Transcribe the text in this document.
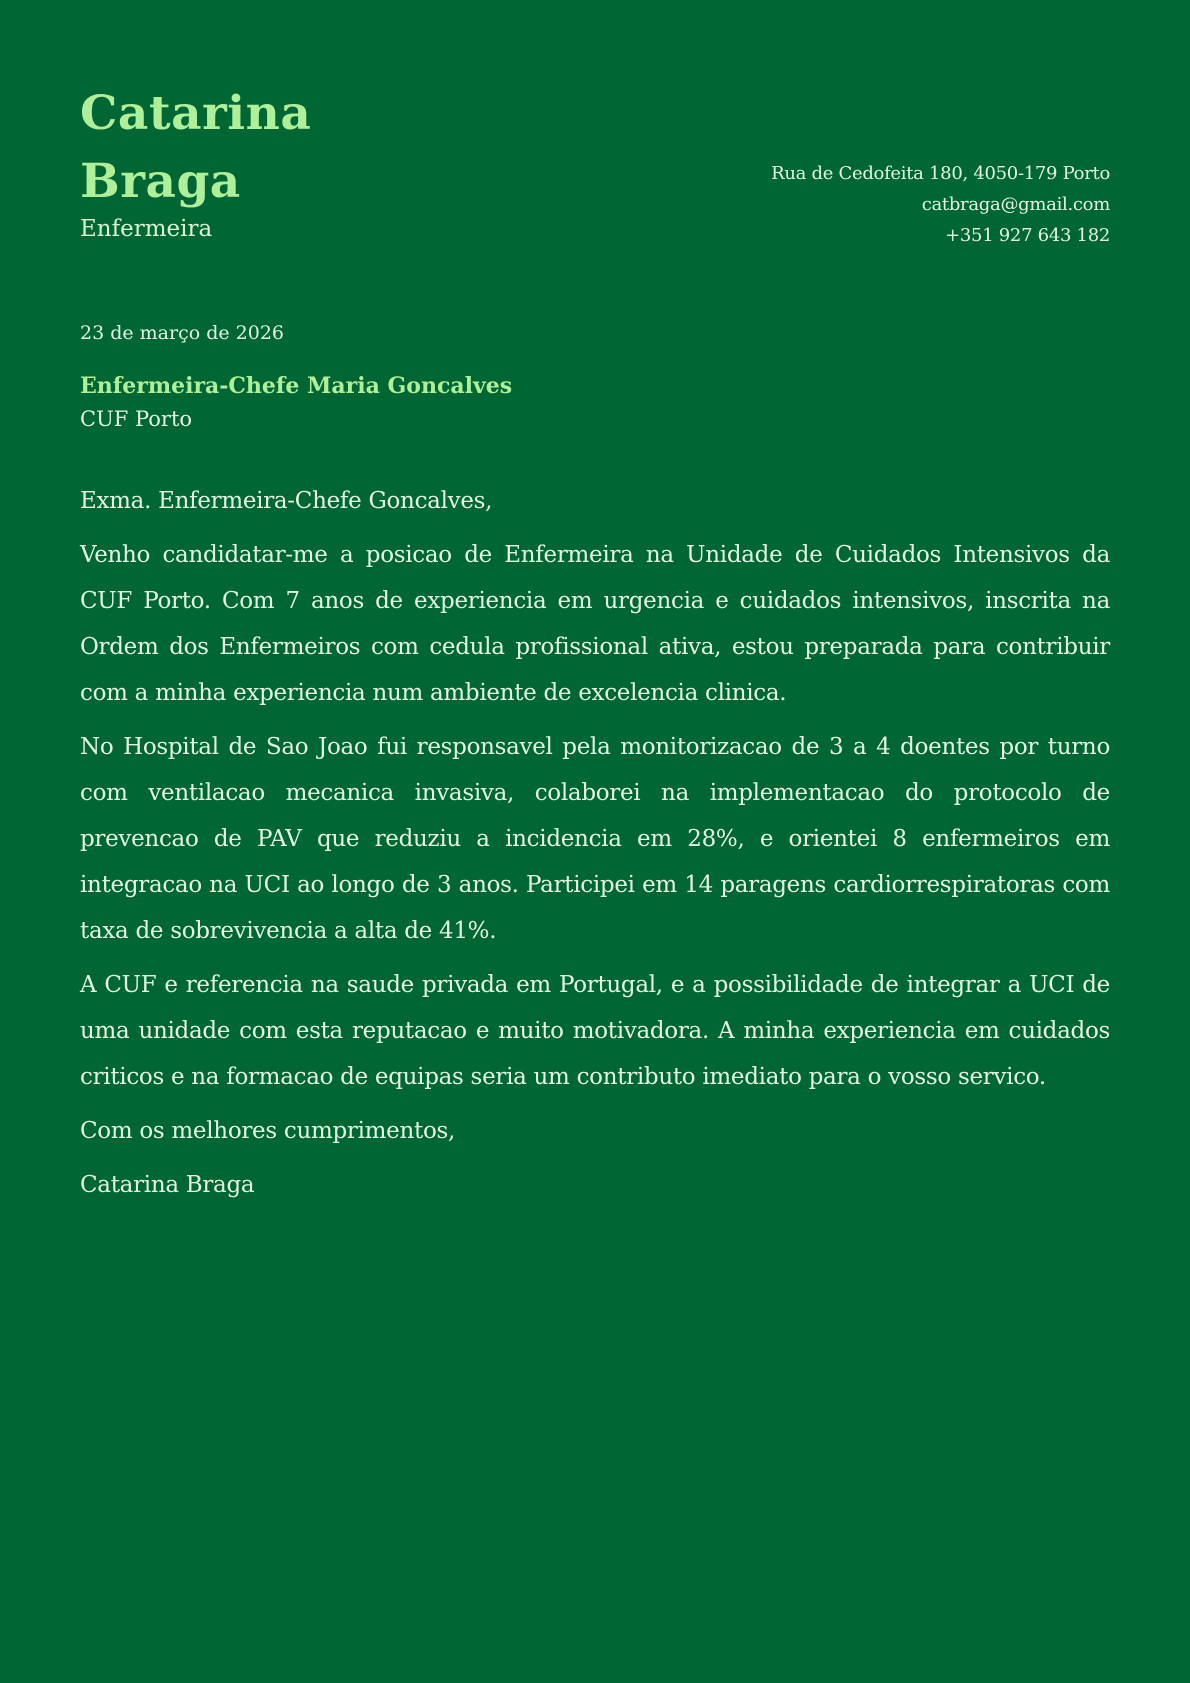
Catarina
Braga
Enfermeira
Rua de Cedofeita 180, 4050-179 Porto
catbraga@gmail.com
+351 927 643 182
23 de março de 2026
Enfermeira-Chefe Maria Goncalves
CUF Porto

Exma. Enfermeira-Chefe Goncalves,

Venho candidatar-me a posicao de Enfermeira na Unidade de Cuidados Intensivos da CUF Porto. Com 7 anos de experiencia em urgencia e cuidados intensivos, inscrita na Ordem dos Enfermeiros com cedula profissional ativa, estou preparada para contribuir com a minha experiencia num ambiente de excelencia clinica.

No Hospital de Sao Joao fui responsavel pela monitorizacao de 3 a 4 doentes por turno com ventilacao mecanica invasiva, colaborei na implementacao do protocolo de prevencao de PAV que reduziu a incidencia em 28%, e orientei 8 enfermeiros em integracao na UCI ao longo de 3 anos. Participei em 14 paragens cardiorrespiratoras com taxa de sobrevivencia a alta de 41%.

A CUF e referencia na saude privada em Portugal, e a possibilidade de integrar a UCI de uma unidade com esta reputacao e muito motivadora. A minha experiencia em cuidados criticos e na formacao de equipas seria um contributo imediato para o vosso servico.

Com os melhores cumprimentos,

Catarina Braga
